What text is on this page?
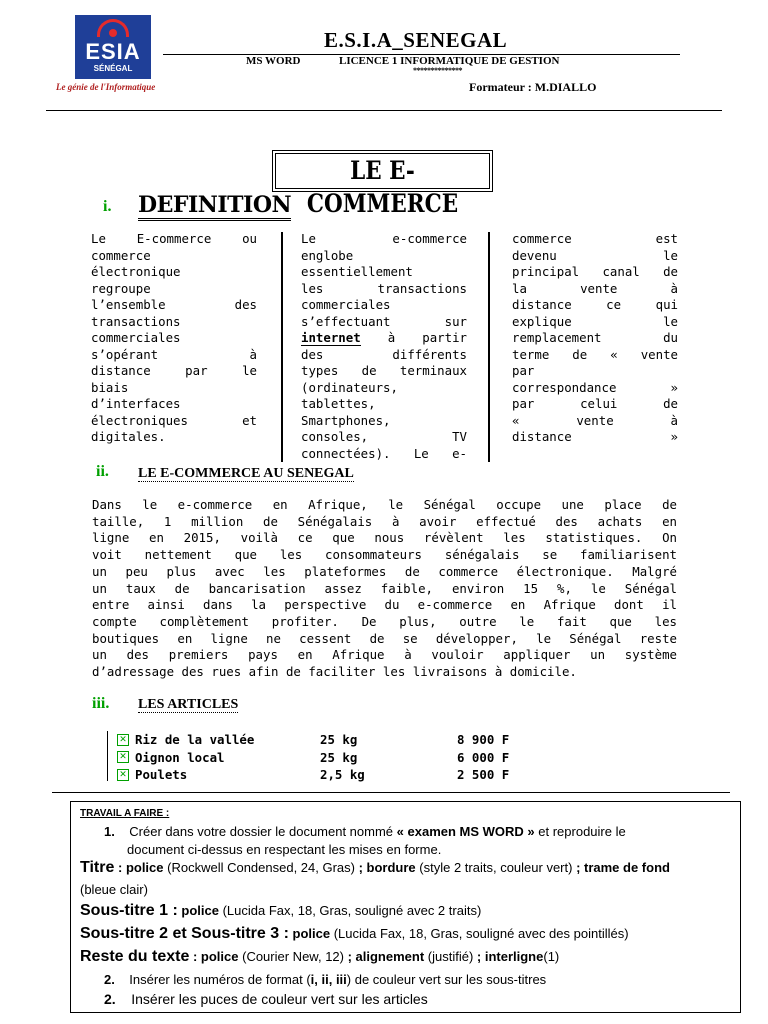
ESIA
SÉNÉGAL
Le génie de l'Informatique
E.S.I.A_SENEGAL
MS WORD	LICENCE 1 INFORMATIQUE DE GESTION
**************
Formateur : M.DIALLO
LE E-COMMERCE
i. DEFINITION
Le E-commerce ou
commerce
électronique
regroupe
l’ensemble des
transactions
commerciales
s’opérant à
distance par le
biais
d’interfaces
électroniques et
digitales.
Le e-commerce
englobe
essentiellement
les transactions
commerciales
s’effectuant sur
internet à partir
des différents
types de terminaux
(ordinateurs,
tablettes,
Smartphones,
consoles, TV
connectées). Le e-
commerce est
devenu le
principal canal de
la vente à
distance ce qui
explique le
remplacement du
terme de « vente
par
correspondance »
par celui de
« vente à
distance »
ii. LE E-COMMERCE AU SENEGAL
Dans le e-commerce en Afrique, le Sénégal occupe une place de
taille, 1 million de Sénégalais à avoir effectué des achats en
ligne en 2015, voilà ce que nous révèlent les statistiques. On
voit nettement que les consommateurs sénégalais se familiarisent
un peu plus avec les plateformes de commerce électronique. Malgré
un taux de bancarisation assez faible, environ 15 %, le Sénégal
entre ainsi dans la perspective du e-commerce en Afrique dont il
compte complètement profiter. De plus, outre le fait que les
boutiques en ligne ne cessent de se développer, le Sénégal reste
un des premiers pays en Afrique à vouloir appliquer un système
d’adressage des rues afin de faciliter les livraisons à domicile.
iii. LES ARTICLES
✕ Riz de la vallée	25 kg	8 900 F
✕ Oignon local	25 kg	6 000 F
✕ Poulets	2,5 kg	2 500 F
TRAVAIL A FAIRE :
1. Créer dans votre dossier le document nommé « examen MS WORD » et reproduire le
document ci-dessus en respectant les mises en forme.
Titre : police (Rockwell Condensed, 24, Gras) ; bordure (style 2 traits, couleur vert) ; trame de fond
(bleue clair)
Sous-titre 1 : police (Lucida Fax, 18, Gras, souligné avec 2 traits)
Sous-titre 2 et Sous-titre 3 : police (Lucida Fax, 18, Gras, souligné avec des pointillés)
Reste du texte : police (Courier New, 12) ; alignement (justifié) ; interligne(1)
2. Insérer les numéros de format (i, ii, iii) de couleur vert sur les sous-titres
2. Insérer les puces de couleur vert sur les articles
